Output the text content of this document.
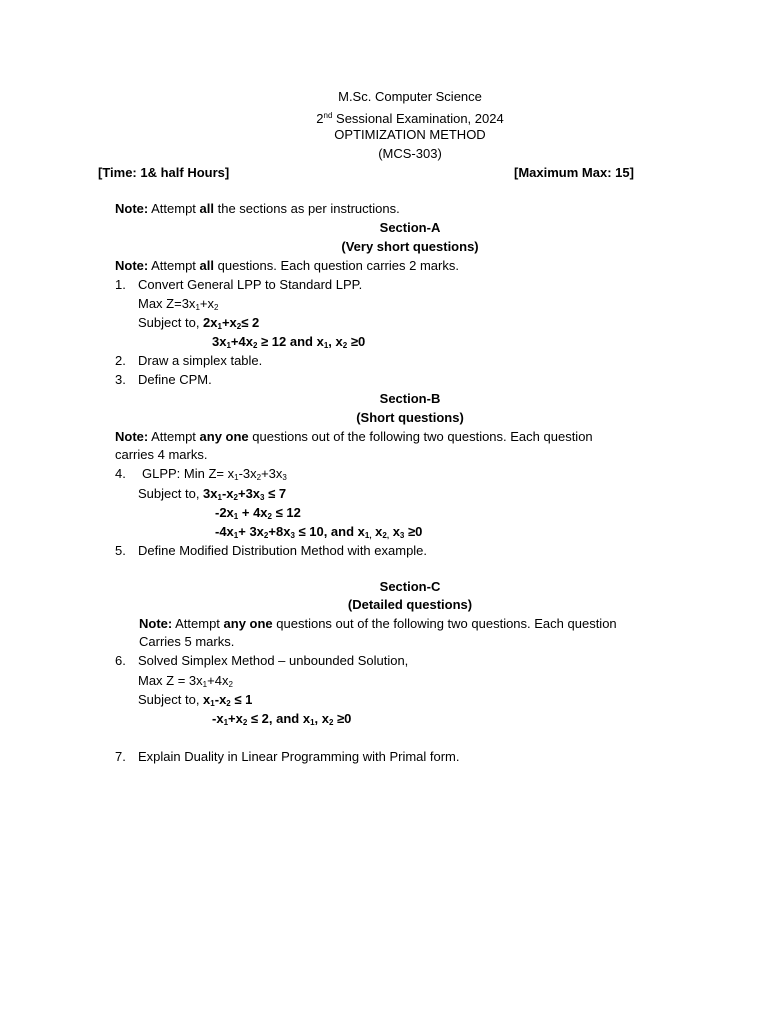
M.Sc. Computer Science
2nd Sessional Examination, 2024
OPTIMIZATION METHOD
(MCS-303)
[Time: 1& half Hours]	[Maximum Max: 15]
Note: Attempt all the sections as per instructions.
Section-A
(Very short questions)
Note: Attempt all questions. Each question carries 2 marks.
1. Convert General LPP to Standard LPP.
Max $Z=3x_1+x_2$
Subject to, $2x_1+x_2\le 2$
$3x_1+4x_2 \ge 12$ and $x_1$, $x_2 \ge 0$
2. Draw a simplex table.
3. Define CPM.
Section-B
(Short questions)
Note: Attempt any one questions out of the following two questions. Each question
carries 4 marks.
4. GLPP: Min $Z= x_1-3x_2+3x_3$
Subject to, $3x_1-x_2+3x_3 \le 7$
$-2x_1 + 4x_2 \le 12$
$-4x_1+ 3x_2+8x_3 \le 10$, and $x_{1,}$ $x_{2,}$ $x_3 \ge 0$
5. Define Modified Distribution Method with example.
Section-C
(Detailed questions)
Note: Attempt any one questions out of the following two questions. Each question
Carries 5 marks.
6. Solved Simplex Method – unbounded Solution,
Max $Z = 3x_1+4x_2$
Subject to, $x_1-x_2 \le 1$
$-x_1+x_2 \le 2$, and $x_1$, $x_2 \ge 0$
7. Explain Duality in Linear Programming with Primal form.
